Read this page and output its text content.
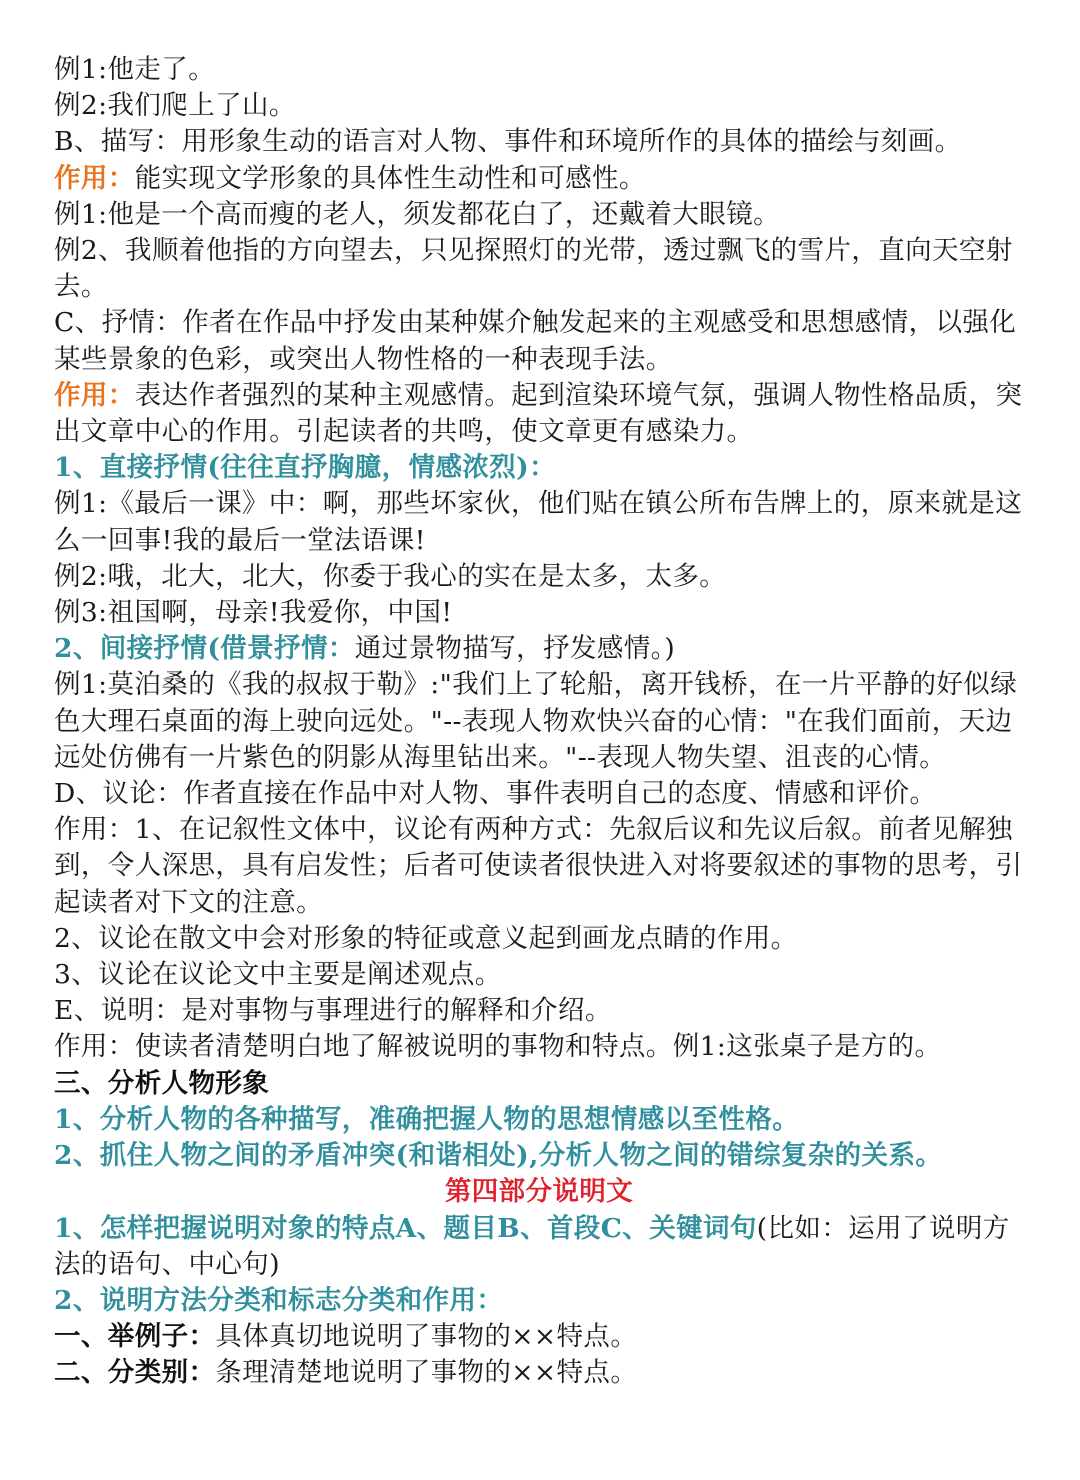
例1:他走了。

例2:我们爬上了山。

B、描写：用形象生动的语言对人物、事件和环境所作的具体的描绘与刻画。

作用：能实现文学形象的具体性生动性和可感性。

例1:他是一个高而瘦的老人，须发都花白了，还戴着大眼镜。

例2、我顺着他指的方向望去，只见探照灯的光带，透过飘飞的雪片，直向天空射去。

C、抒情：作者在作品中抒发由某种媒介触发起来的主观感受和思想感情，以强化某些景象的色彩，或突出人物性格的一种表现手法。

作用：表达作者强烈的某种主观感情。起到渲染环境气氛，强调人物性格品质，突出文章中心的作用。引起读者的共鸣，使文章更有感染力。

1、直接抒情(往往直抒胸臆，情感浓烈)：

例1:《最后一课》中：啊，那些坏家伙，他们贴在镇公所布告牌上的，原来就是这么一回事!我的最后一堂法语课!

例2:哦，北大，北大，你委于我心的实在是太多，太多。

例3:祖国啊，母亲!我爱你，中国!

2、间接抒情(借景抒情：通过景物描写，抒发感情。)

例1:莫泊桑的《我的叔叔于勒》:"我们上了轮船，离开钱桥，在一片平静的好似绿色大理石桌面的海上驶向远处。"--表现人物欢快兴奋的心情："在我们面前，天边远处仿佛有一片紫色的阴影从海里钻出来。"--表现人物失望、沮丧的心情。

D、议论：作者直接在作品中对人物、事件表明自己的态度、情感和评价。

作用：1、在记叙性文体中，议论有两种方式：先叙后议和先议后叙。前者见解独到，令人深思，具有启发性；后者可使读者很快进入对将要叙述的事物的思考，引起读者对下文的注意。

2、议论在散文中会对形象的特征或意义起到画龙点睛的作用。

3、议论在议论文中主要是阐述观点。

E、说明：是对事物与事理进行的解释和介绍。

作用：使读者清楚明白地了解被说明的事物和特点。例1:这张桌子是方的。

三、分析人物形象

1、分析人物的各种描写，准确把握人物的思想情感以至性格。

2、抓住人物之间的矛盾冲突(和谐相处),分析人物之间的错综复杂的关系。

第四部分说明文

1、怎样把握说明对象的特点A、题目B、首段C、关键词句(比如：运用了说明方法的语句、中心句)

2、说明方法分类和标志分类和作用：

一、举例子：具体真切地说明了事物的××特点。

二、分类别：条理清楚地说明了事物的××特点。
